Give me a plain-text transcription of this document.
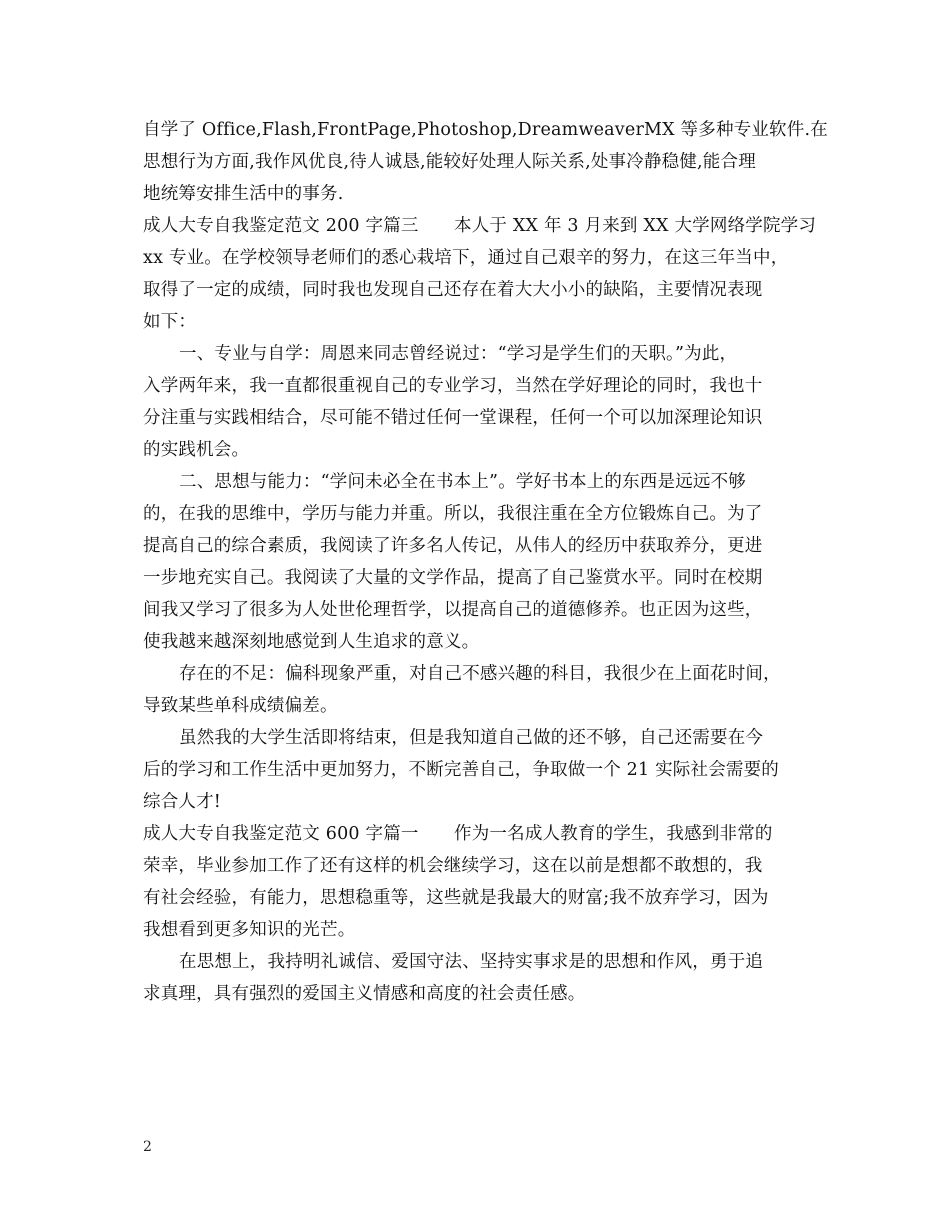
自学了 Office,Flash,FrontPage,Photoshop,DreamweaverMX 等多种专业软件.在
思想行为方面,我作风优良,待人诚恳,能较好处理人际关系,处事冷静稳健,能合理
地统筹安排生活中的事务.
成人大专自我鉴定范文 200 字篇三　　本人于 XX 年 3 月来到 XX 大学网络学院学习
xx 专业。在学校领导老师们的悉心栽培下，通过自己艰辛的努力，在这三年当中，
取得了一定的成绩，同时我也发现自己还存在着大大小小的缺陷，主要情况表现
如下：
一、专业与自学：周恩来同志曾经说过：“学习是学生们的天职。”为此，
入学两年来，我一直都很重视自己的专业学习，当然在学好理论的同时，我也十
分注重与实践相结合，尽可能不错过任何一堂课程，任何一个可以加深理论知识
的实践机会。
二、思想与能力：“学问未必全在书本上”。学好书本上的东西是远远不够
的，在我的思维中，学历与能力并重。所以，我很注重在全方位锻炼自己。为了
提高自己的综合素质，我阅读了许多名人传记，从伟人的经历中获取养分，更进
一步地充实自己。我阅读了大量的文学作品，提高了自己鉴赏水平。同时在校期
间我又学习了很多为人处世伦理哲学，以提高自己的道德修养。也正因为这些，
使我越来越深刻地感觉到人生追求的意义。
存在的不足：偏科现象严重，对自己不感兴趣的科目，我很少在上面花时间，
导致某些单科成绩偏差。
虽然我的大学生活即将结束，但是我知道自己做的还不够，自己还需要在今
后的学习和工作生活中更加努力，不断完善自己，争取做一个 21 实际社会需要的
综合人才!
成人大专自我鉴定范文 600 字篇一　　作为一名成人教育的学生，我感到非常的
荣幸，毕业参加工作了还有这样的机会继续学习，这在以前是想都不敢想的，我
有社会经验，有能力，思想稳重等，这些就是我最大的财富;我不放弃学习，因为
我想看到更多知识的光芒。
在思想上，我持明礼诚信、爱国守法、坚持实事求是的思想和作风，勇于追
求真理，具有强烈的爱国主义情感和高度的社会责任感。
2
